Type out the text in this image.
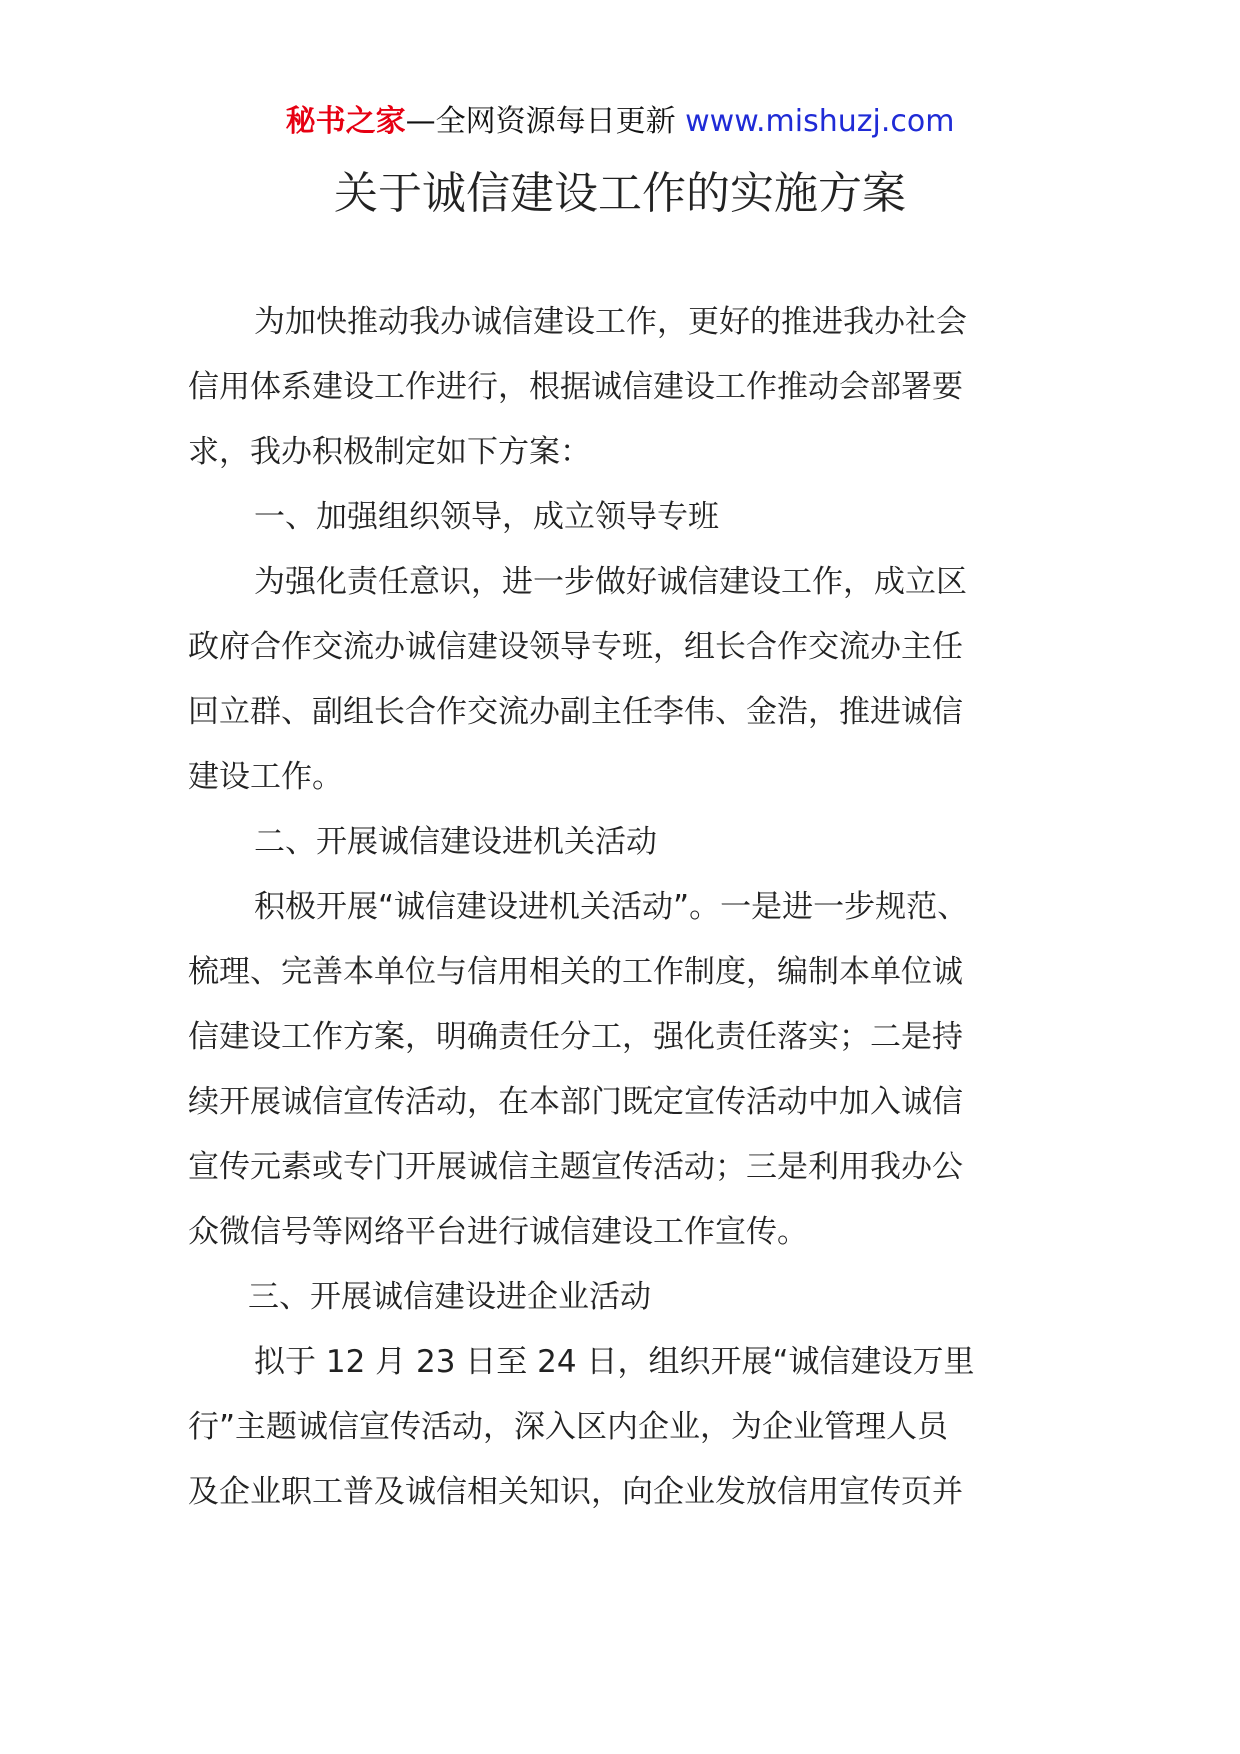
秘书之家—全网资源每日更新 www.mishuzj.com
关于诚信建设工作的实施方案
为加快推动我办诚信建设工作，更好的推进我办社会
信用体系建设工作进行，根据诚信建设工作推动会部署要
求，我办积极制定如下方案：
一、加强组织领导，成立领导专班
为强化责任意识，进一步做好诚信建设工作，成立区
政府合作交流办诚信建设领导专班，组长合作交流办主任
回立群、副组长合作交流办副主任李伟、金浩，推进诚信
建设工作。
二、开展诚信建设进机关活动
积极开展“诚信建设进机关活动”。一是进一步规范、
梳理、完善本单位与信用相关的工作制度，编制本单位诚
信建设工作方案，明确责任分工，强化责任落实；二是持
续开展诚信宣传活动，在本部门既定宣传活动中加入诚信
宣传元素或专门开展诚信主题宣传活动；三是利用我办公
众微信号等网络平台进行诚信建设工作宣传。
三、开展诚信建设进企业活动
拟于 12 月 23 日至 24 日，组织开展“诚信建设万里
行”主题诚信宣传活动，深入区内企业，为企业管理人员
及企业职工普及诚信相关知识，向企业发放信用宣传页并
